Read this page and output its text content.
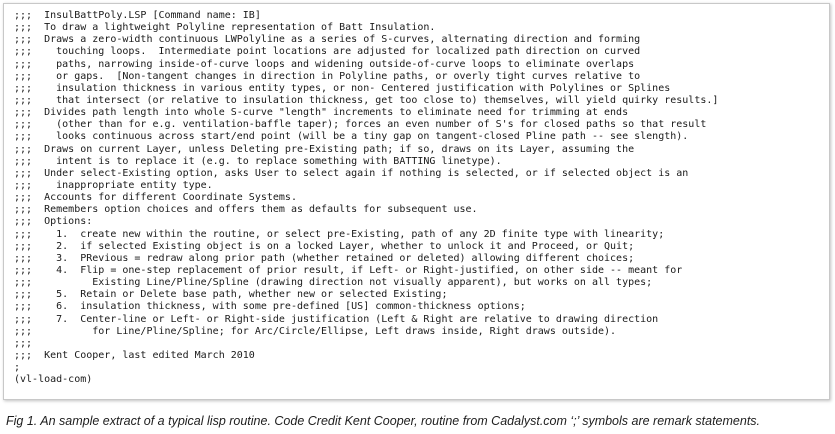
;;;  InsulBattPoly.LSP [Command name: IB]
;;;  To draw a lightweight Polyline representation of Batt Insulation.
;;;  Draws a zero-width continuous LWPolyline as a series of S-curves, alternating direction and forming
;;;    touching loops.  Intermediate point locations are adjusted for localized path direction on curved
;;;    paths, narrowing inside-of-curve loops and widening outside-of-curve loops to eliminate overlaps
;;;    or gaps.  [Non-tangent changes in direction in Polyline paths, or overly tight curves relative to
;;;    insulation thickness in various entity types, or non- Centered justification with Polylines or Splines
;;;    that intersect (or relative to insulation thickness, get too close to) themselves, will yield quirky results.]
;;;  Divides path length into whole S-curve "length" increments to eliminate need for trimming at ends
;;;    (other than for e.g. ventilation-baffle taper); forces an even number of S's for closed paths so that result
;;;    looks continuous across start/end point (will be a tiny gap on tangent-closed Pline path -- see slength).
;;;  Draws on current Layer, unless Deleting pre-Existing path; if so, draws on its Layer, assuming the
;;;    intent is to replace it (e.g. to replace something with BATTING linetype).
;;;  Under select-Existing option, asks User to select again if nothing is selected, or if selected object is an
;;;    inappropriate entity type.
;;;  Accounts for different Coordinate Systems.
;;;  Remembers option choices and offers them as defaults for subsequent use.
;;;  Options:
;;;    1.  create new within the routine, or select pre-Existing, path of any 2D finite type with linearity;
;;;    2.  if selected Existing object is on a locked Layer, whether to unlock it and Proceed, or Quit;
;;;    3.  PRevious = redraw along prior path (whether retained or deleted) allowing different choices;
;;;    4.  Flip = one-step replacement of prior result, if Left- or Right-justified, on other side -- meant for
;;;          Existing Line/Pline/Spline (drawing direction not visually apparent), but works on all types;
;;;    5.  Retain or Delete base path, whether new or selected Existing;
;;;    6.  insulation thickness, with some pre-defined [US] common-thickness options;
;;;    7.  Center-line or Left- or Right-side justification (Left & Right are relative to drawing direction
;;;          for Line/Pline/Spline; for Arc/Circle/Ellipse, Left draws inside, Right draws outside).
;;;
;;;  Kent Cooper, last edited March 2010
;
(vl-load-com)
Fig 1. An sample extract of a typical lisp routine. Code Credit Kent Cooper, routine from Cadalyst.com ‘;’ symbols are remark statements.
